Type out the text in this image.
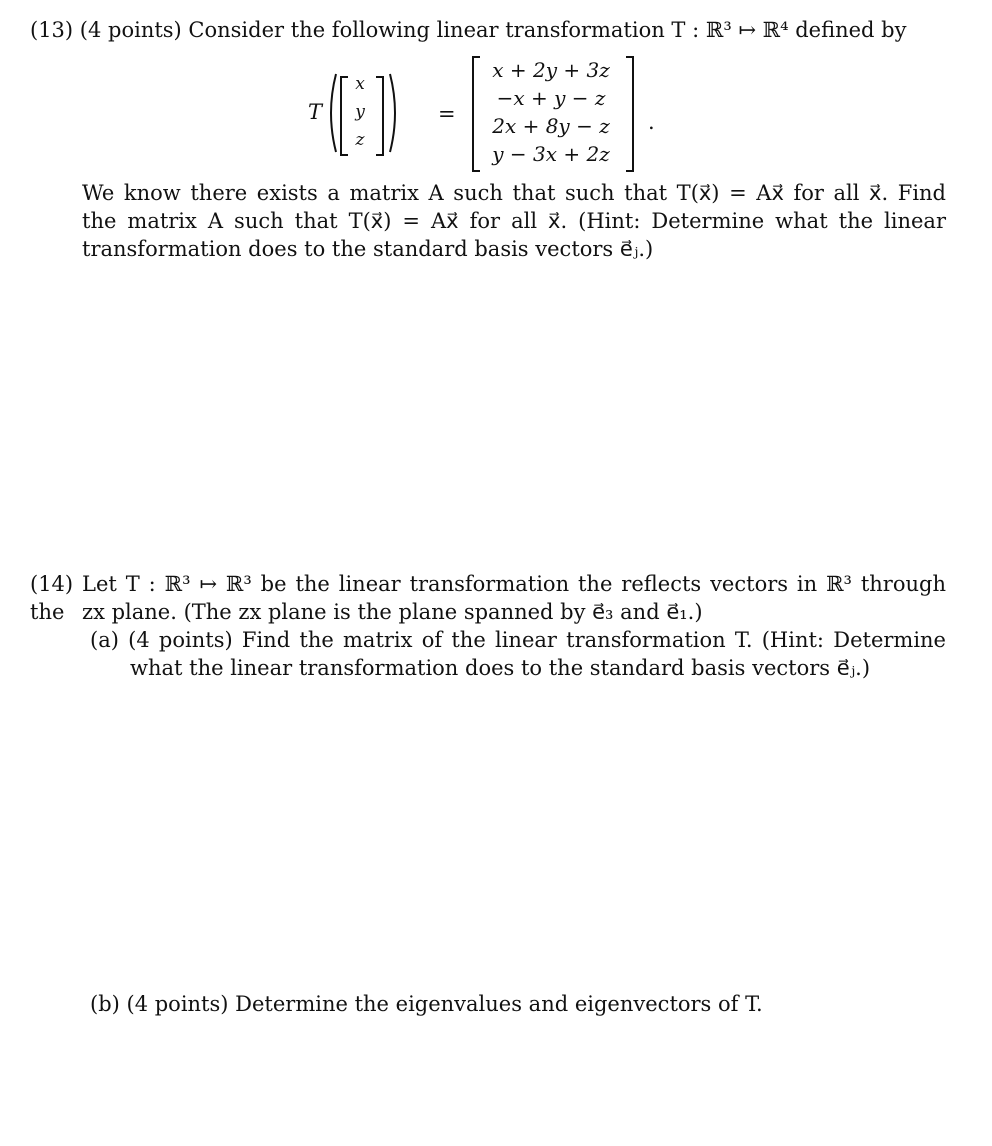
(13) (4 points) Consider the following linear transformation T : ℝ³ ↦ ℝ⁴ defined by
T
x
y
z
=
x + 2y + 3z
−x + y − z
2x + 8y − z
y − 3x + 2z
.
We know there exists a matrix A such that such that T(x⃗) = Ax⃗ for all x⃗. Find
the matrix A such that T(x⃗) = Ax⃗ for all x⃗. (Hint: Determine what the linear
transformation does to the standard basis vectors e⃗ⱼ.)
(14) Let T : ℝ³ ↦ ℝ³ be the linear transformation the reflects vectors in ℝ³ through the zx plane. (The zx plane is the plane spanned by e⃗₃ and e⃗₁.)
(a) (4 points) Find the matrix of the linear transformation T. (Hint: Determine
what the linear transformation does to the standard basis vectors e⃗ⱼ.)
(b) (4 points) Determine the eigenvalues and eigenvectors of T.
